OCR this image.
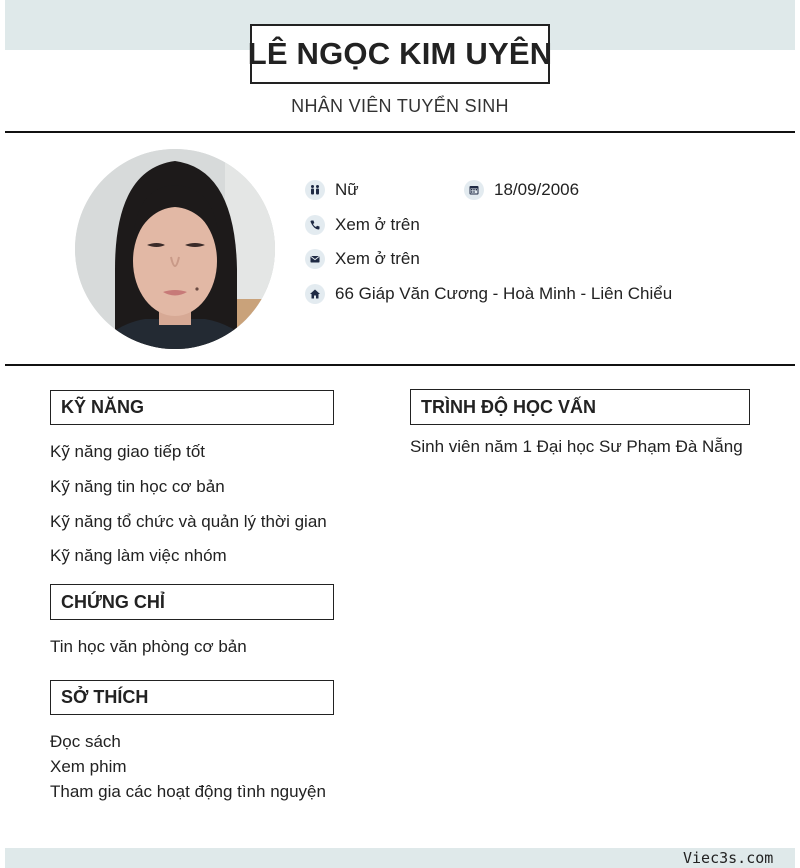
LÊ NGỌC KIM UYÊN
NHÂN VIÊN TUYỂN SINH
Nữ	18/09/2006
Xem ở trên
Xem ở trên
66 Giáp Văn Cương - Hoà Minh - Liên Chiểu
KỸ NĂNG
Kỹ năng giao tiếp tốt
Kỹ năng tin học cơ bản
Kỹ năng tổ chức và quản lý thời gian
Kỹ năng làm việc nhóm
CHỨNG CHỈ
Tin học văn phòng cơ bản
SỞ THÍCH
Đọc sách
Xem phim
Tham gia các hoạt động tình nguyện
TRÌNH ĐỘ HỌC VẤN
Sinh viên năm 1 Đại học Sư Phạm Đà Nẵng
Viec3s.com
